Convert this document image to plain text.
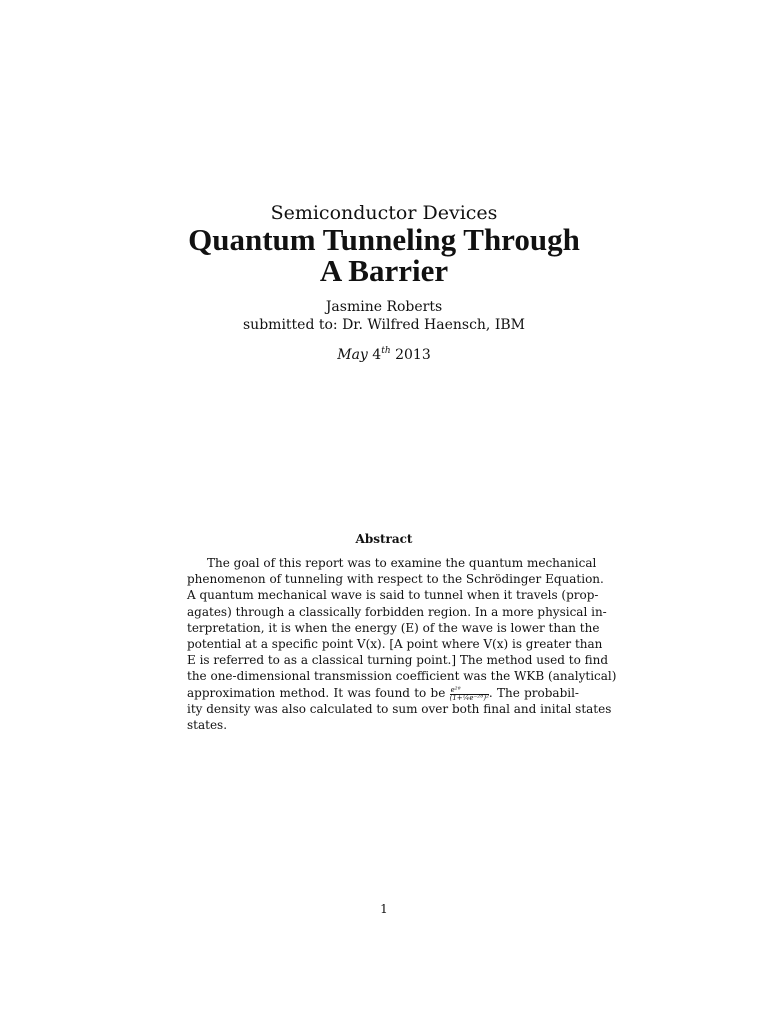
Semiconductor Devices
Quantum Tunneling Through
A Barrier
Jasmine Roberts
submitted to: Dr. Wilfred Haensch, IBM
May 4th 2013
Abstract
The goal of this report was to examine the quantum mechanical
phenomenon of tunneling with respect to the Schrödinger Equation.
A quantum mechanical wave is said to tunnel when it travels (prop-
agates) through a classically forbidden region. In a more physical in-
terpretation, it is when the energy (E) of the wave is lower than the
potential at a specific point V(x). [A point where V(x) is greater than
E is referred to as a classical turning point.] The method used to find
the one-dimensional transmission coefficient was the WKB (analytical)
approximation method. It was found to be $\frac{\text{e²ᶿ}}{\text{(1+¼e⁻²ᶿ)²}}$ . The probabil-
ity density was also calculated to sum over both final and inital states
states.
1
